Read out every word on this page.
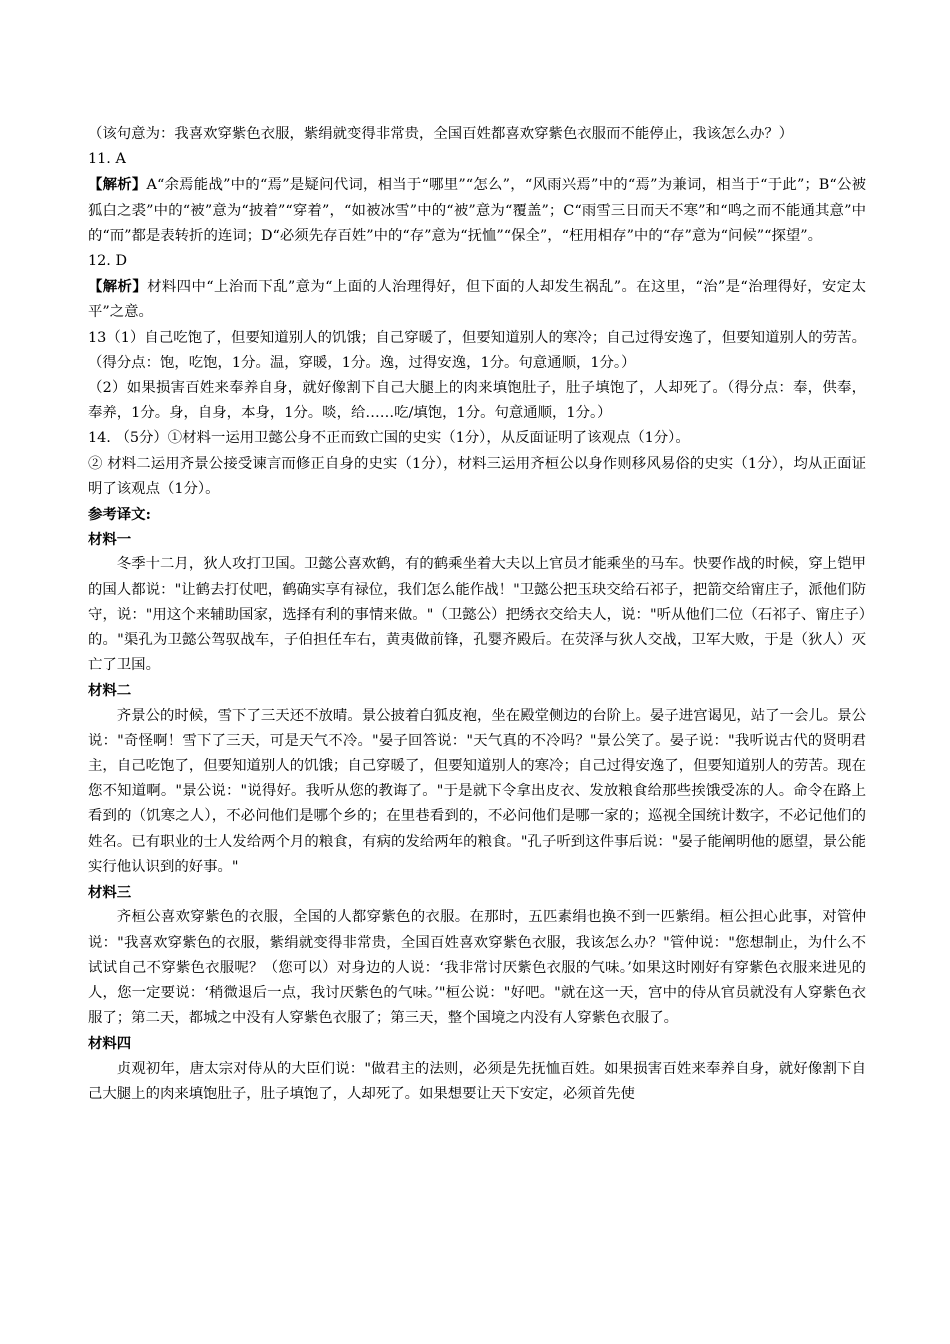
（该句意为：我喜欢穿紫色衣服，紫绢就变得非常贵，全国百姓都喜欢穿紫色衣服而不能停止，我该怎么办？）

11. A

【解析】A“余焉能战”中的“焉”是疑问代词，相当于“哪里”“怎么”，“风雨兴焉”中的“焉”为兼词，相当于“于此”；B“公被狐白之裘”中的“被”意为“披着”“穿着”，“如被冰雪”中的“被”意为“覆盖”；C“雨雪三日而天不寒”和“鸣之而不能通其意”中的“而”都是表转折的连词；D“必须先存百姓”中的“存”意为“抚恤”“保全”，“枉用相存”中的“存”意为“问候”“探望”。

12. D

【解析】材料四中“上治而下乱”意为“上面的人治理得好，但下面的人却发生祸乱”。在这里，“治”是“治理得好，安定太平”之意。

13（1）自己吃饱了，但要知道别人的饥饿；自己穿暖了，但要知道别人的寒冷；自己过得安逸了，但要知道别人的劳苦。（得分点：饱，吃饱，1分。温，穿暖，1分。逸，过得安逸，1分。句意通顺，1分。）

（2）如果损害百姓来奉养自身，就好像割下自己大腿上的肉来填饱肚子，肚子填饱了，人却死了。（得分点：奉，供奉，奉养，1分。身，自身，本身，1分。啖，给……吃/填饱，1分。句意通顺，1分。）

14. （5分）①材料一运用卫懿公身不正而致亡国的史实（1分），从反面证明了该观点（1分）。

② 材料二运用齐景公接受谏言而修正自身的史实（1分），材料三运用齐桓公以身作则移风易俗的史实（1分），均从正面证明了该观点（1分）。

参考译文:

材料一

冬季十二月，狄人攻打卫国。卫懿公喜欢鹤，有的鹤乘坐着大夫以上官员才能乘坐的马车。快要作战的时候，穿上铠甲的国人都说："让鹤去打仗吧，鹤确实享有禄位，我们怎么能作战！"卫懿公把玉玦交给石祁子，把箭交给甯庄子，派他们防守，说："用这个来辅助国家，选择有利的事情来做。"（卫懿公）把绣衣交给夫人，说："听从他们二位（石祁子、甯庄子）的。"渠孔为卫懿公驾驭战车，子伯担任车右，黄夷做前锋，孔婴齐殿后。在荧泽与狄人交战，卫军大败，于是（狄人）灭亡了卫国。

材料二

齐景公的时候，雪下了三天还不放晴。景公披着白狐皮袍，坐在殿堂侧边的台阶上。晏子进宫谒见，站了一会儿。景公说："奇怪啊！雪下了三天，可是天气不冷。"晏子回答说："天气真的不冷吗？"景公笑了。晏子说："我听说古代的贤明君主，自己吃饱了，但要知道别人的饥饿；自己穿暖了，但要知道别人的寒冷；自己过得安逸了，但要知道别人的劳苦。现在您不知道啊。"景公说："说得好。我听从您的教诲了。"于是就下令拿出皮衣、发放粮食给那些挨饿受冻的人。命令在路上看到的（饥寒之人），不必问他们是哪个乡的；在里巷看到的，不必问他们是哪一家的；巡视全国统计数字，不必记他们的姓名。已有职业的士人发给两个月的粮食，有病的发给两年的粮食。"孔子听到这件事后说："晏子能阐明他的愿望，景公能实行他认识到的好事。"

材料三

齐桓公喜欢穿紫色的衣服，全国的人都穿紫色的衣服。在那时，五匹素绢也换不到一匹紫绢。桓公担心此事，对管仲说："我喜欢穿紫色的衣服，紫绢就变得非常贵，全国百姓喜欢穿紫色衣服，我该怎么办？"管仲说："您想制止，为什么不试试自己不穿紫色衣服呢？（您可以）对身边的人说：‘我非常讨厌紫色衣服的气味。’如果这时刚好有穿紫色衣服来进见的人，您一定要说：‘稍微退后一点，我讨厌紫色的气味。’"桓公说："好吧。"就在这一天，宫中的侍从官员就没有人穿紫色衣服了；第二天，都城之中没有人穿紫色衣服了；第三天，整个国境之内没有人穿紫色衣服了。

材料四

贞观初年，唐太宗对侍从的大臣们说："做君主的法则，必须是先抚恤百姓。如果损害百姓来奉养自身，就好像割下自己大腿上的肉来填饱肚子，肚子填饱了，人却死了。如果想要让天下安定，必须首先使
